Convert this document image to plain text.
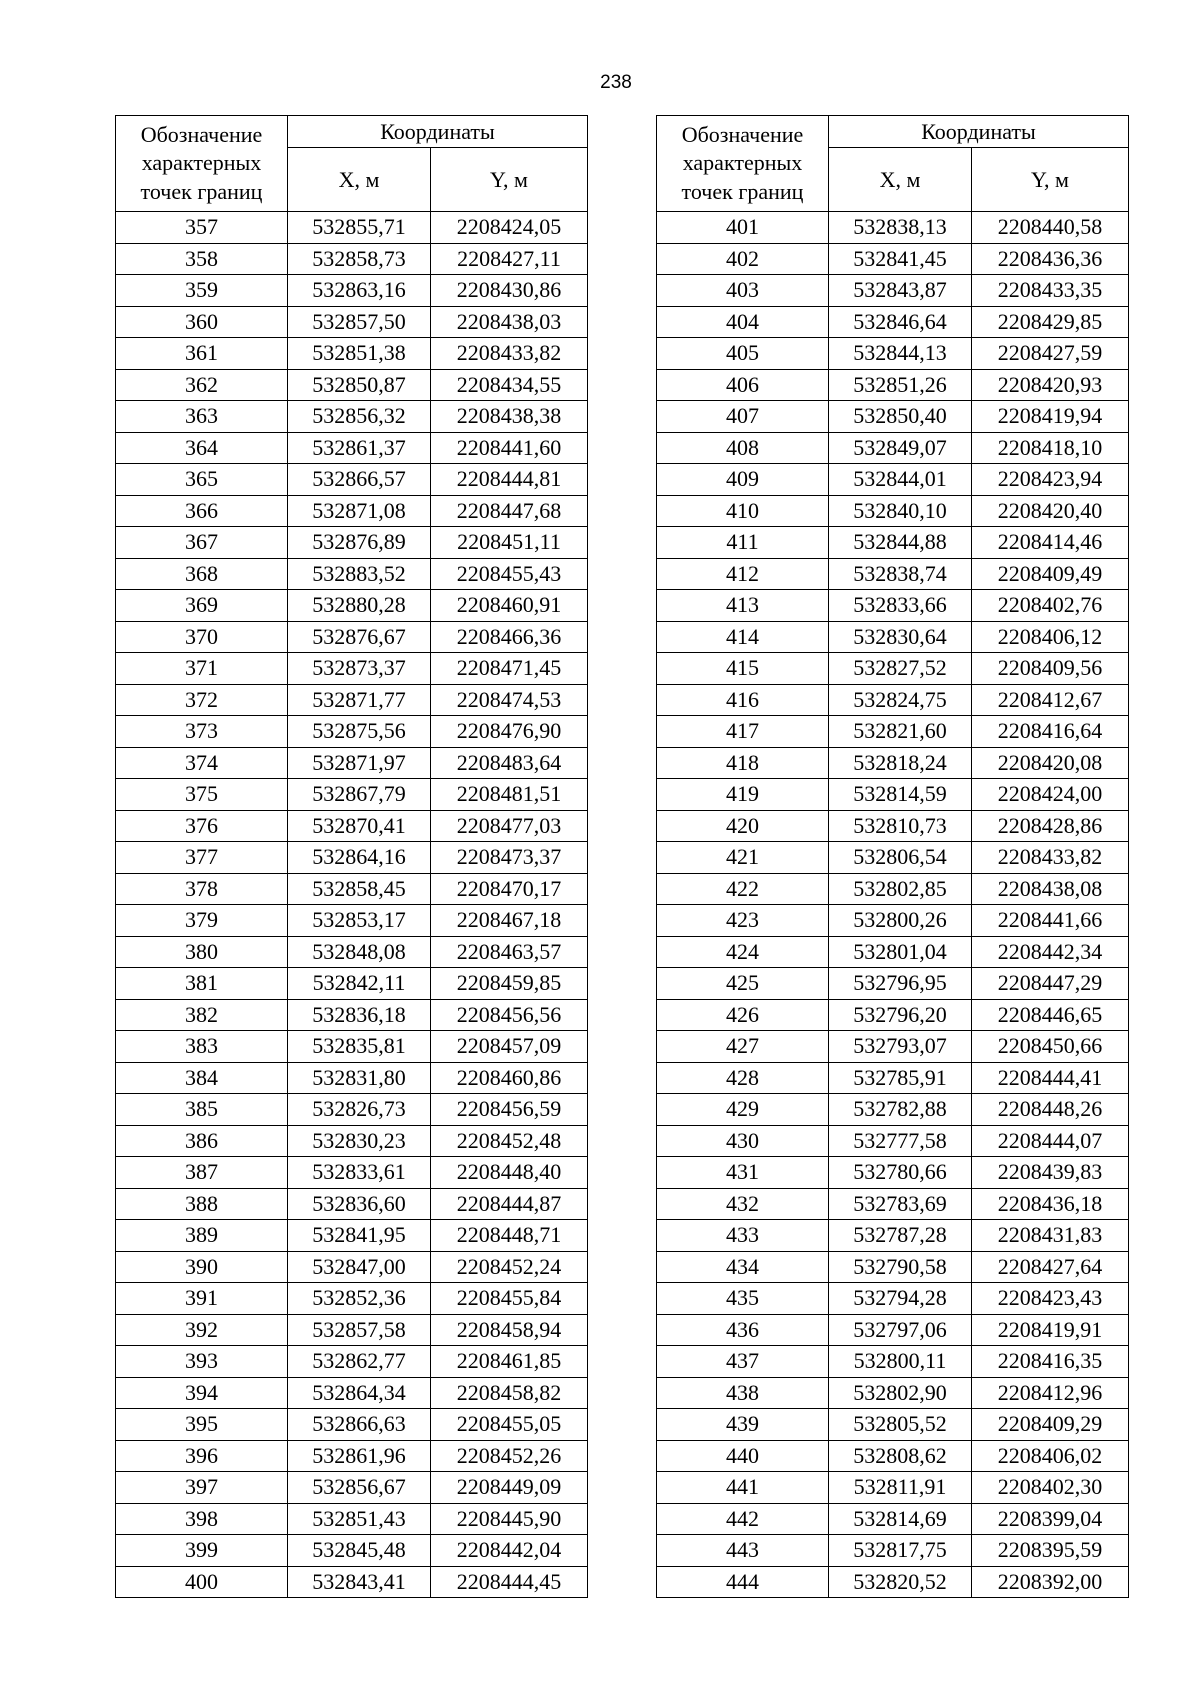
238
Обозначение
характерных
точек границ	Координаты	
	X, м	Y, м
357	532855,71	2208424,05
358	532858,73	2208427,11
359	532863,16	2208430,86
360	532857,50	2208438,03
361	532851,38	2208433,82
362	532850,87	2208434,55
363	532856,32	2208438,38
364	532861,37	2208441,60
365	532866,57	2208444,81
366	532871,08	2208447,68
367	532876,89	2208451,11
368	532883,52	2208455,43
369	532880,28	2208460,91
370	532876,67	2208466,36
371	532873,37	2208471,45
372	532871,77	2208474,53
373	532875,56	2208476,90
374	532871,97	2208483,64
375	532867,79	2208481,51
376	532870,41	2208477,03
377	532864,16	2208473,37
378	532858,45	2208470,17
379	532853,17	2208467,18
380	532848,08	2208463,57
381	532842,11	2208459,85
382	532836,18	2208456,56
383	532835,81	2208457,09
384	532831,80	2208460,86
385	532826,73	2208456,59
386	532830,23	2208452,48
387	532833,61	2208448,40
388	532836,60	2208444,87
389	532841,95	2208448,71
390	532847,00	2208452,24
391	532852,36	2208455,84
392	532857,58	2208458,94
393	532862,77	2208461,85
394	532864,34	2208458,82
395	532866,63	2208455,05
396	532861,96	2208452,26
397	532856,67	2208449,09
398	532851,43	2208445,90
399	532845,48	2208442,04
400	532843,41	2208444,45
Обозначение
характерных
точек границ	Координаты	
	X, м	Y, м
401	532838,13	2208440,58
402	532841,45	2208436,36
403	532843,87	2208433,35
404	532846,64	2208429,85
405	532844,13	2208427,59
406	532851,26	2208420,93
407	532850,40	2208419,94
408	532849,07	2208418,10
409	532844,01	2208423,94
410	532840,10	2208420,40
411	532844,88	2208414,46
412	532838,74	2208409,49
413	532833,66	2208402,76
414	532830,64	2208406,12
415	532827,52	2208409,56
416	532824,75	2208412,67
417	532821,60	2208416,64
418	532818,24	2208420,08
419	532814,59	2208424,00
420	532810,73	2208428,86
421	532806,54	2208433,82
422	532802,85	2208438,08
423	532800,26	2208441,66
424	532801,04	2208442,34
425	532796,95	2208447,29
426	532796,20	2208446,65
427	532793,07	2208450,66
428	532785,91	2208444,41
429	532782,88	2208448,26
430	532777,58	2208444,07
431	532780,66	2208439,83
432	532783,69	2208436,18
433	532787,28	2208431,83
434	532790,58	2208427,64
435	532794,28	2208423,43
436	532797,06	2208419,91
437	532800,11	2208416,35
438	532802,90	2208412,96
439	532805,52	2208409,29
440	532808,62	2208406,02
441	532811,91	2208402,30
442	532814,69	2208399,04
443	532817,75	2208395,59
444	532820,52	2208392,00
